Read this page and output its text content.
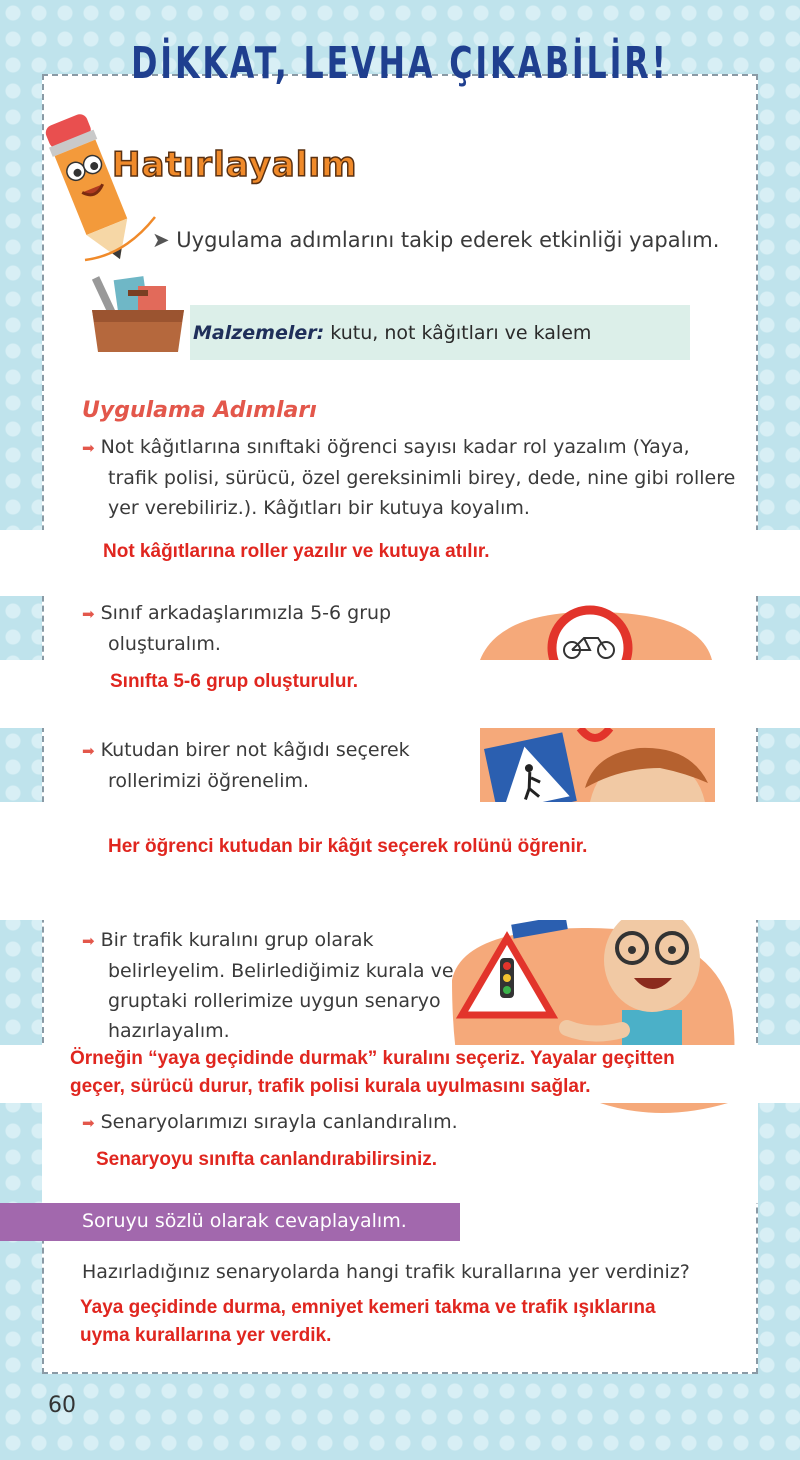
DİKKAT, LEVHA ÇIKABİLİR!
Hatırlayalım
➤ Uygulama adımlarını takip ederek etkinliği yapalım.
Malzemeler: kutu, not kâğıtları ve kalem
Uygulama Adımları
➡ Not kâğıtlarına sınıftaki öğrenci sayısı kadar rol yazalım (Yaya,
trafik polisi, sürücü, özel gereksinimli birey, dede, nine gibi rollere
yer verebiliriz.). Kâğıtları bir kutuya koyalım.
Not kâğıtlarına roller yazılır ve kutuya atılır.
➡ Sınıf arkadaşlarımızla 5-6 grup
oluşturalım.
Sınıfta 5-6 grup oluşturulur.
➡ Kutudan birer not kâğıdı seçerek
rollerimizi öğrenelim.
Her öğrenci kutudan bir kâğıt seçerek rolünü öğrenir.
➡ Bir trafik kuralını grup olarak
belirleyelim. Belirlediğimiz kurala ve
gruptaki rollerimize uygun senaryo
hazırlayalım.
Örneğin “yaya geçidinde durmak” kuralını seçeriz. Yayalar geçitten
geçer, sürücü durur, trafik polisi kurala uyulmasını sağlar.
➡ Senaryolarımızı sırayla canlandıralım.
Senaryoyu sınıfta canlandırabilirsiniz.
Soruyu sözlü olarak cevaplayalım.
Hazırladığınız senaryolarda hangi trafik kurallarına yer verdiniz?
Yaya geçidinde durma, emniyet kemeri takma ve trafik ışıklarına
uyma kurallarına yer verdik.
60
